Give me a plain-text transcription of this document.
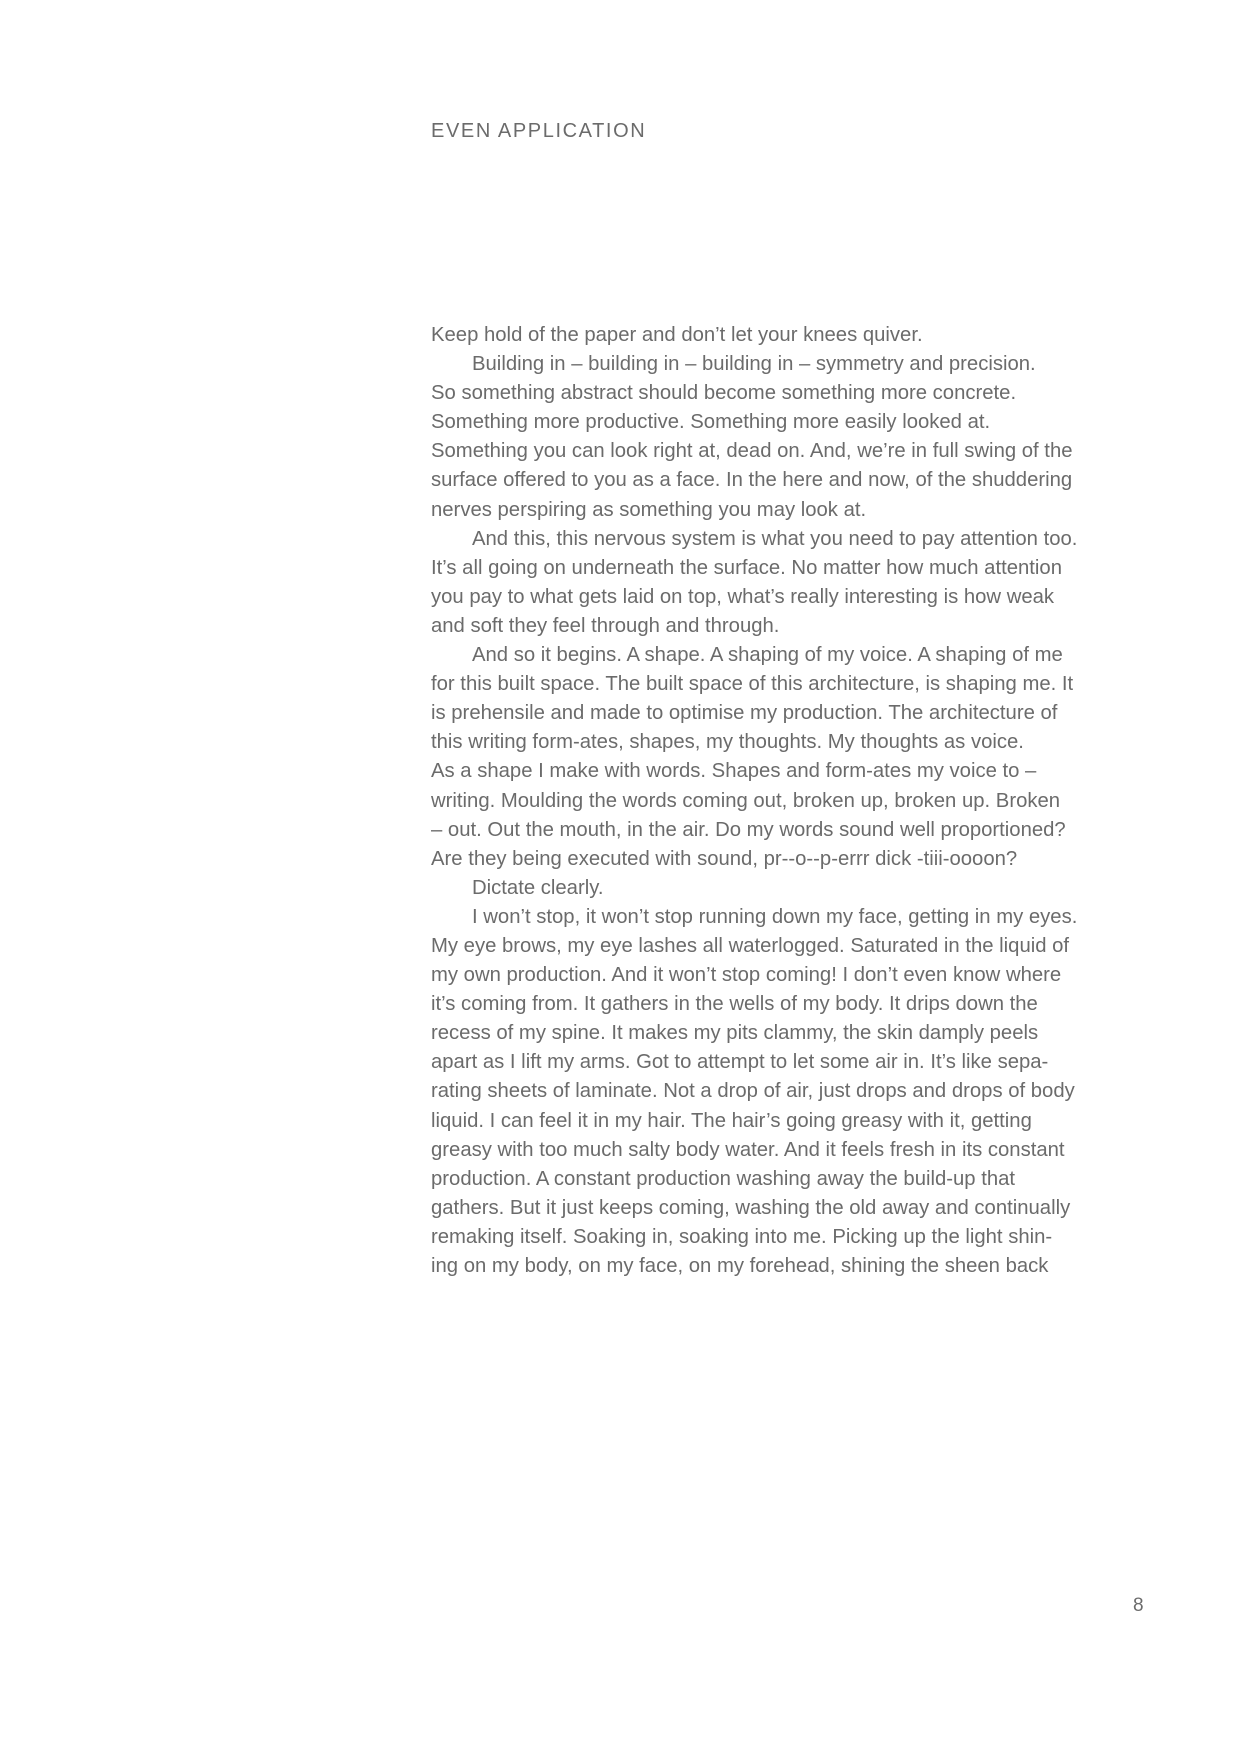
EVEN APPLICATION
Keep hold of the paper and don’t let your knees quiver.
Building in – building in – building in – symmetry and precision.
So something abstract should become something more concrete.
Something more productive. Something more easily looked at.
Something you can look right at, dead on. And, we’re in full swing of the
surface offered to you as a face. In the here and now, of the shuddering
nerves perspiring as something you may look at.
And this, this nervous system is what you need to pay attention too.
It’s all going on underneath the surface. No matter how much attention
you pay to what gets laid on top, what’s really interesting is how weak
and soft they feel through and through.
And so it begins. A shape. A shaping of my voice. A shaping of me
for this built space. The built space of this architecture, is shaping me. It
is prehensile and made to optimise my production. The architecture of
this writing form-ates, shapes, my thoughts. My thoughts as voice.
As a shape I make with words. Shapes and form-ates my voice to –
writing. Moulding the words coming out, broken up, broken up. Broken
– out. Out the mouth, in the air. Do my words sound well proportioned?
Are they being executed with sound, pr--o--p-errr dick -tiii-oooon?
Dictate clearly.
I won’t stop, it won’t stop running down my face, getting in my eyes.
My eye brows, my eye lashes all waterlogged. Saturated in the liquid of
my own production. And it won’t stop coming! I don’t even know where
it’s coming from. It gathers in the wells of my body. It drips down the
recess of my spine. It makes my pits clammy, the skin damply peels
apart as I lift my arms. Got to attempt to let some air in. It’s like sepa-
rating sheets of laminate. Not a drop of air, just drops and drops of body
liquid. I can feel it in my hair. The hair’s going greasy with it, getting
greasy with too much salty body water. And it feels fresh in its constant
production. A constant production washing away the build-up that
gathers. But it just keeps coming, washing the old away and continually
remaking itself. Soaking in, soaking into me. Picking up the light shin-
ing on my body, on my face, on my forehead, shining the sheen back
8
